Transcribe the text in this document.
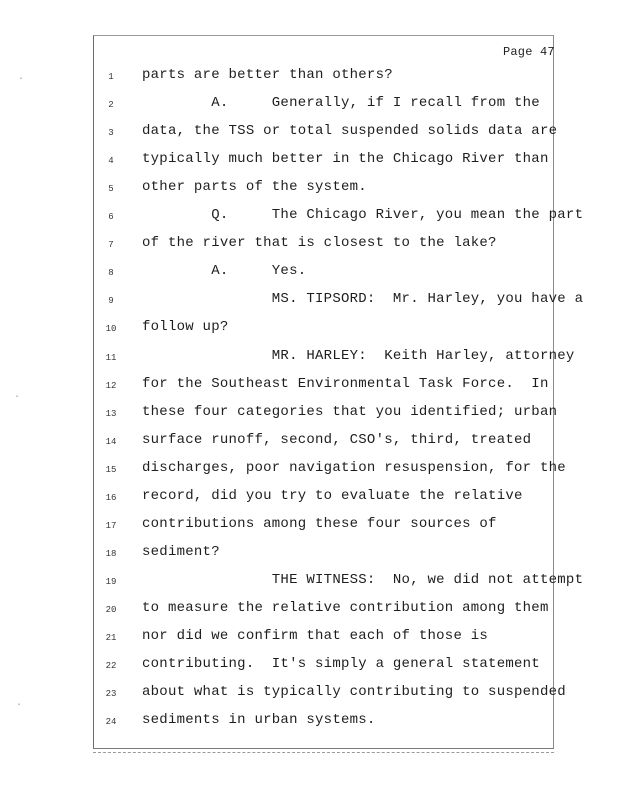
Page 47
·
·
·
1	parts are better than others?
2	A.     Generally, if I recall from the
3	data, the TSS or total suspended solids data are
4	typically much better in the Chicago River than
5	other parts of the system.
6	Q.     The Chicago River, you mean the part
7	of the river that is closest to the lake?
8	A.     Yes.
9	MS. TIPSORD:  Mr. Harley, you have a
10	follow up?
11	MR. HARLEY:  Keith Harley, attorney
12	for the Southeast Environmental Task Force.  In
13	these four categories that you identified; urban
14	surface runoff, second, CSO's, third, treated
15	discharges, poor navigation resuspension, for the
16	record, did you try to evaluate the relative
17	contributions among these four sources of
18	sediment?
19	THE WITNESS:  No, we did not attempt
20	to measure the relative contribution among them
21	nor did we confirm that each of those is
22	contributing.  It's simply a general statement
23	about what is typically contributing to suspended
24	sediments in urban systems.
